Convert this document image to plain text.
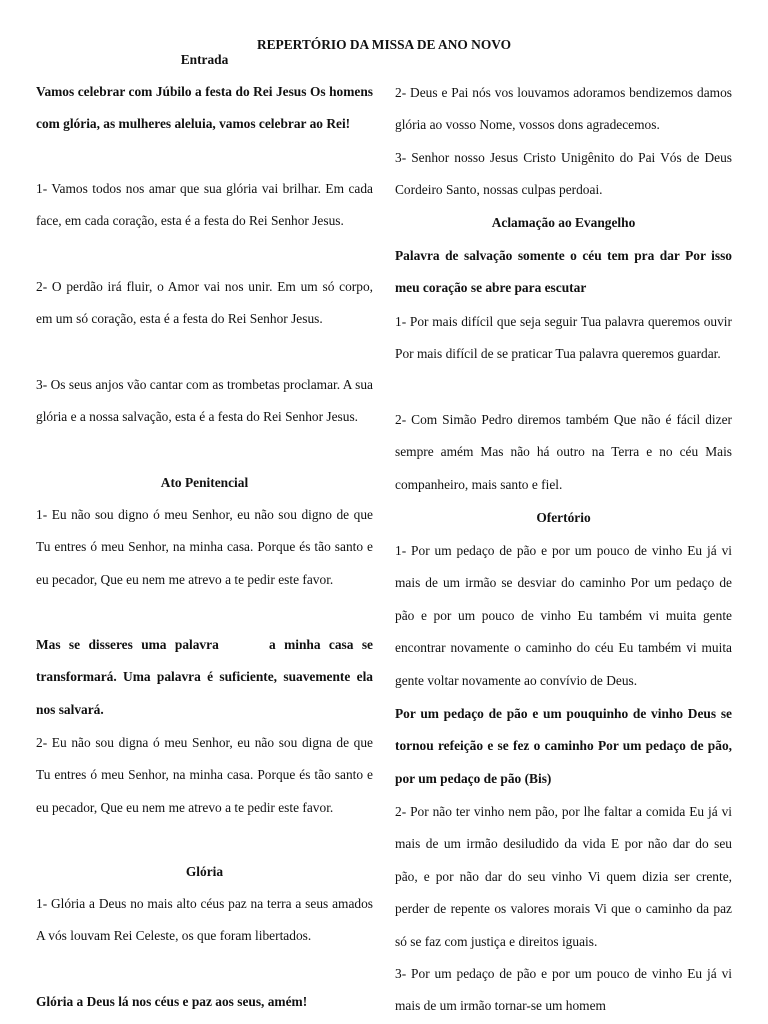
REPERTÓRIO DA MISSA DE ANO NOVO
Entrada
Vamos celebrar com Júbilo a festa do Rei Jesus Os homens com glória, as mulheres aleluia, vamos celebrar ao Rei!
1- Vamos todos nos amar que sua glória vai brilhar. Em cada face, em cada coração, esta é a festa do Rei Senhor Jesus.
2- O perdão irá fluir, o Amor vai nos unir. Em um só corpo, em um só coração, esta é a festa do Rei Senhor Jesus.
3- Os seus anjos vão cantar com as trombetas proclamar. A sua glória e a nossa salvação, esta é a festa do Rei Senhor Jesus.
Ato Penitencial
1- Eu não sou digno ó meu Senhor, eu não sou digno de que Tu entres ó meu Senhor, na minha casa. Porque és tão santo e eu pecador, Que eu nem me atrevo a te pedir este favor.
Mas se disseres uma palavra      a minha casa se transformará. Uma palavra é suficiente, suavemente ela nos salvará.
2- Eu não sou digna ó meu Senhor, eu não sou digna de que Tu entres ó meu Senhor, na minha casa. Porque és tão santo e eu pecador, Que eu nem me atrevo a te pedir este favor.
Glória
1- Glória a Deus no mais alto céus paz na terra a seus amados A vós louvam Rei Celeste, os que foram libertados.
Glória a Deus lá nos céus e paz aos seus, amém!
2- Deus e Pai nós vos louvamos adoramos bendizemos damos glória ao vosso Nome, vossos dons agradecemos.
3- Senhor nosso Jesus Cristo Unigênito do Pai Vós de Deus Cordeiro Santo, nossas culpas perdoai.
Aclamação ao Evangelho
Palavra de salvação somente o céu tem pra dar Por isso meu coração se abre para escutar
1- Por mais difícil que seja seguir Tua palavra queremos ouvir Por mais difícil de se praticar Tua palavra queremos guardar.
2- Com Simão Pedro diremos também Que não é fácil dizer sempre amém Mas não há outro na Terra e no céu Mais companheiro, mais santo e fiel.
Ofertório
1- Por um pedaço de pão e por um pouco de vinho Eu já vi mais de um irmão se desviar do caminho Por um pedaço de pão e por um pouco de vinho Eu também vi muita gente encontrar novamente o caminho do céu Eu também vi muita gente voltar novamente ao convívio de Deus.
Por um pedaço de pão e um pouquinho de vinho Deus se tornou refeição e se fez o caminho Por um pedaço de pão, por um pedaço de pão (Bis)
2- Por não ter vinho nem pão, por lhe faltar a comida Eu já vi mais de um irmão desiludido da vida E por não dar do seu pão, e por não dar do seu vinho Vi quem dizia ser crente, perder de repente os valores morais Vi que o caminho da paz só se faz com justiça e direitos iguais.
3- Por um pedaço de pão e por um pouco de vinho Eu já vi mais de um irmão tornar-se um homem
